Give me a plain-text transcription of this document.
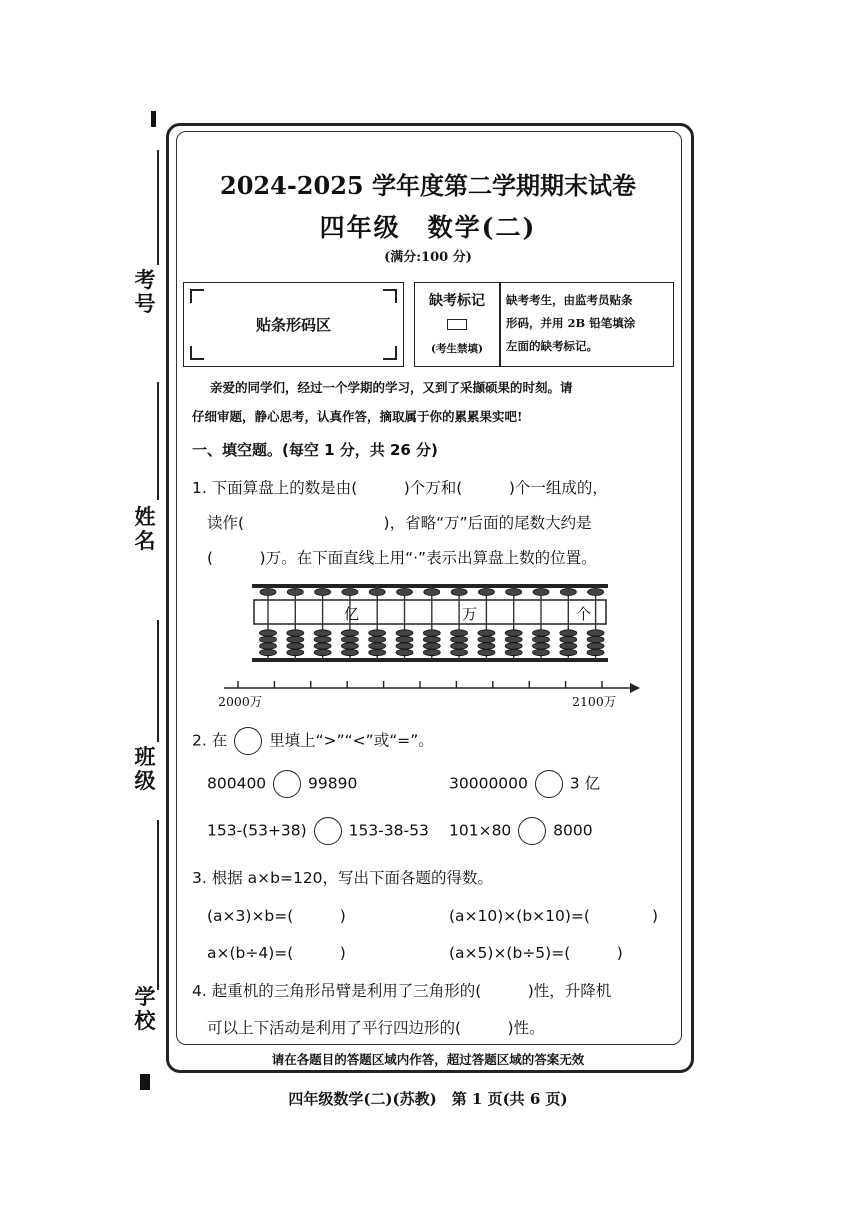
考号
姓名
班级
学校
2024-2025 学年度第二学期期末试卷
四年级　数学(二)
(满分:100 分)
贴条形码区
缺考标记
(考生禁填)
缺考考生，由监考员贴条
形码，并用 2B 铅笔填涂
左面的缺考标记。
亲爱的同学们，经过一个学期的学习，又到了采撷硕果的时刻。请
仔细审题，静心思考，认真作答，摘取属于你的累累果实吧!
一、填空题。(每空 1 分，共 26 分)
1. 下面算盘上的数是由(　　　)个万和(　　　)个一组成的，
读作(　　　　　　　　　)，省略“万”后面的尾数大约是
(　　　)万。在下面直线上用“·”表示出算盘上数的位置。
亿	万	个
2000万	2100万
2. 在	里填上“>”“<”或“=”。
800400	99890	30000000	3 亿
153-(53+38)	153-38-53 101×80	8000
3. 根据 a×b=120，写出下面各题的得数。
(a×3)×b=(　　　)	(a×10)×(b×10)=(　　　　)
a×(b÷4)=(　　　)	(a×5)×(b÷5)=(　　　)
4. 起重机的三角形吊臂是利用了三角形的(　　　)性，升降机
可以上下活动是利用了平行四边形的(　　　)性。
请在各题目的答题区域内作答，超过答题区域的答案无效
四年级数学(二)(苏教)　第 1 页(共 6 页)
